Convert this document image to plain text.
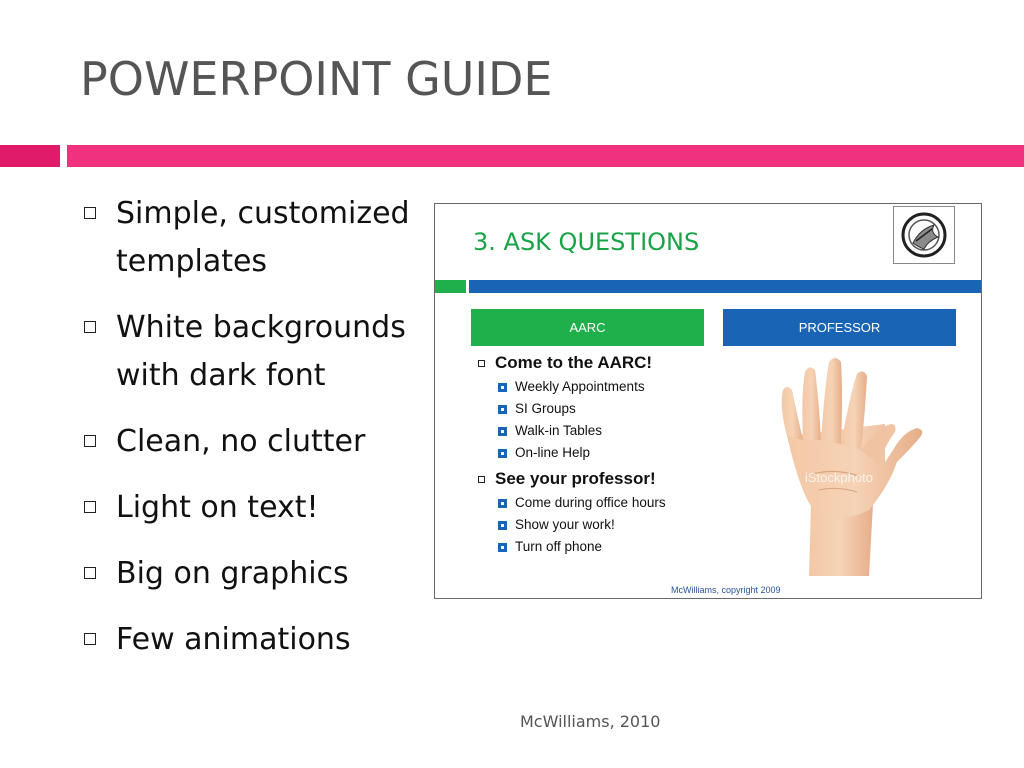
POWERPOINT GUIDE
Simple, customized templates
White backgrounds with dark font
Clean, no clutter
Light on text!
Big on graphics
Few animations
3. ASK QUESTIONS
AARC	PROFESSOR
Come to the AARC!
Weekly Appointments
SI Groups
Walk-in Tables
On-line Help
See your professor!
Come during office hours
Show your work!
Turn off phone
iStockphoto
McWilliams, copyright 2009
McWilliams, 2010
